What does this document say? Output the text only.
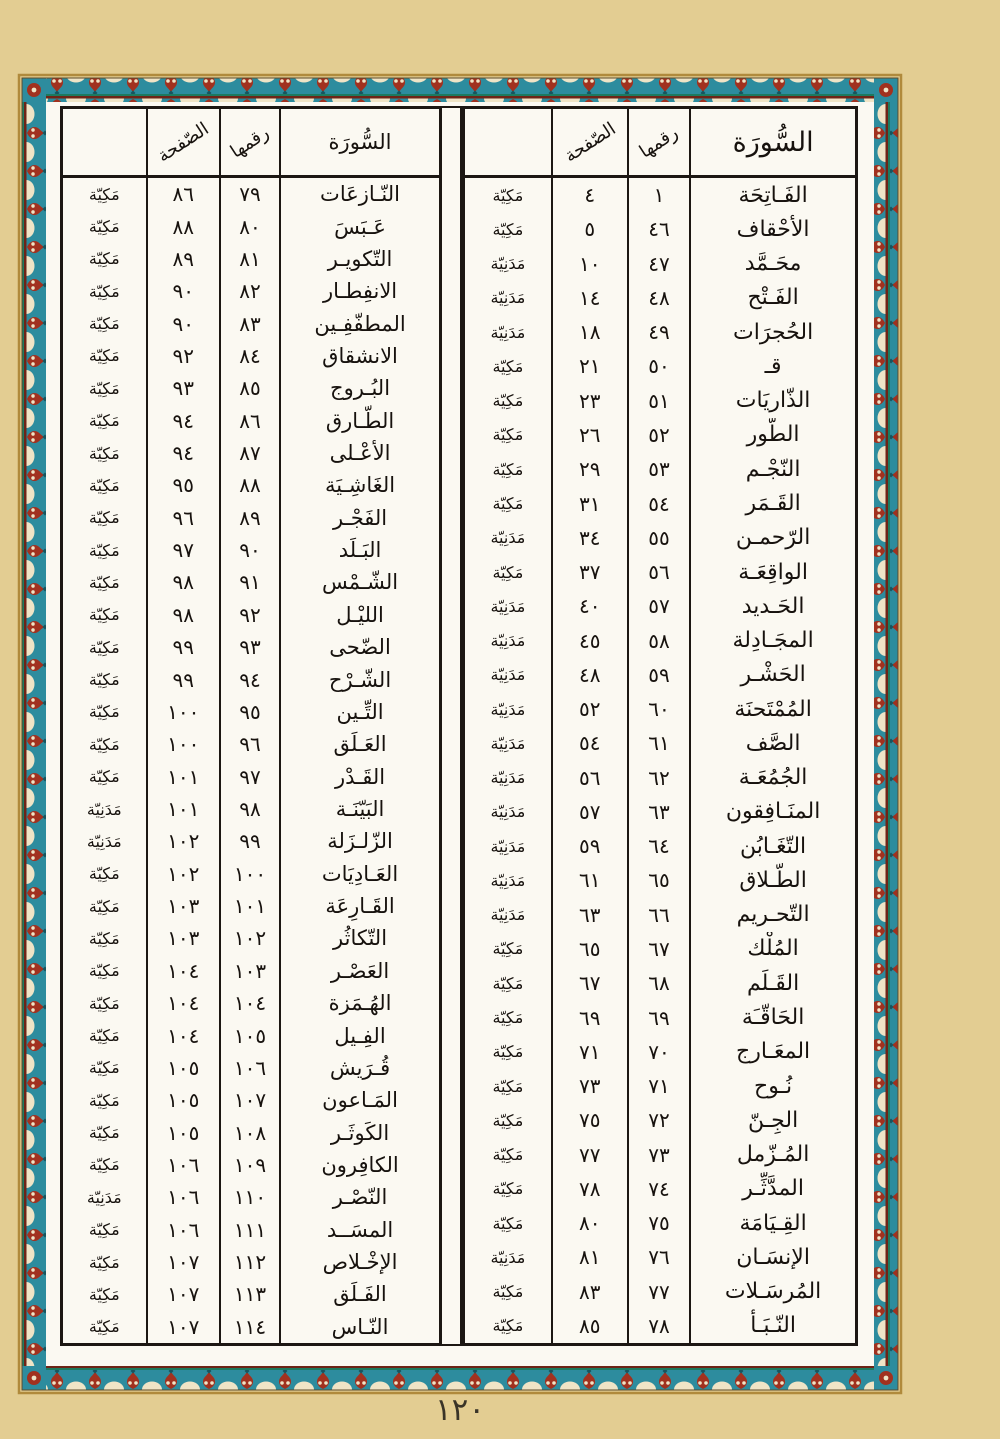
السُّورَة
رقمها
الصّفحة
النّـازعَات
٧٩
٨٦
مَكِيّة
عَـبَسَ
٨٠
٨٨
مَكِيّة
التّكويـر
٨١
٨٩
مَكِيّة
الانفِطـار
٨٢
٩٠
مَكِيّة
المطفّفِـين
٨٣
٩٠
مَكِيّة
الانشقاق
٨٤
٩٢
مَكِيّة
البُـروج
٨٥
٩٣
مَكِيّة
الطّـارق
٨٦
٩٤
مَكِيّة
الأعْـلى
٨٧
٩٤
مَكِيّة
الغَاشِـيَة
٨٨
٩٥
مَكِيّة
الفَجْـر
٨٩
٩٦
مَكِيّة
البَـلَد
٩٠
٩٧
مَكِيّة
الشّـمْس
٩١
٩٨
مَكِيّة
الليْـل
٩٢
٩٨
مَكِيّة
الضّحى
٩٣
٩٩
مَكِيّة
الشّـرْح
٩٤
٩٩
مَكِيّة
التِّـين
٩٥
١٠٠
مَكِيّة
العَـلَق
٩٦
١٠٠
مَكِيّة
القَـدْر
٩٧
١٠١
مَكِيّة
البَيّنَـة
٩٨
١٠١
مَدَنِيّة
الزّلـزَلة
٩٩
١٠٢
مَدَنِيّة
العَـادِيَات
١٠٠
١٠٢
مَكِيّة
القَـارِعَة
١٠١
١٠٣
مَكِيّة
التّكاثُر
١٠٢
١٠٣
مَكِيّة
العَصْـر
١٠٣
١٠٤
مَكِيّة
الهُـمَزة
١٠٤
١٠٤
مَكِيّة
الفِـيل
١٠٥
١٠٤
مَكِيّة
قُـرَيش
١٠٦
١٠٥
مَكِيّة
المَـاعون
١٠٧
١٠٥
مَكِيّة
الكَوثَـر
١٠٨
١٠٥
مَكِيّة
الكافِرون
١٠٩
١٠٦
مَكِيّة
النّصْـر
١١٠
١٠٦
مَدَنِيّة
المسَــد
١١١
١٠٦
مَكِيّة
الإخْـلاص
١١٢
١٠٧
مَكِيّة
الفَـلَق
١١٣
١٠٧
مَكِيّة
النّـاس
١١٤
١٠٧
مَكِيّة
السُّورَة
رقمها
الصّفحة
الفَـاتِحَة
١
٤
مَكِيّة
الأحْقاف
٤٦
٥
مَكِيّة
محَـمَّد
٤٧
١٠
مَدَنِيّة
الفَـتْح
٤٨
١٤
مَدَنِيّة
الحُجرَات
٤٩
١٨
مَدَنِيّة
قـ
٥٠
٢١
مَكِيّة
الذّاريَات
٥١
٢٣
مَكِيّة
الطُّور
٥٢
٢٦
مَكِيّة
النّجْـم
٥٣
٢٩
مَكِيّة
القَـمَر
٥٤
٣١
مَكِيّة
الرّحمـن
٥٥
٣٤
مَدَنِيّة
الواقِعَـة
٥٦
٣٧
مَكِيّة
الحَـديد
٥٧
٤٠
مَدَنِيّة
المجَـادِلة
٥٨
٤٥
مَدَنِيّة
الحَشْـر
٥٩
٤٨
مَدَنِيّة
المُمْتَحنَة
٦٠
٥٢
مَدَنِيّة
الصَّف
٦١
٥٤
مَدَنِيّة
الجُمُعَـة
٦٢
٥٦
مَدَنِيّة
المنَـافِقون
٦٣
٥٧
مَدَنِيّة
التّغَـابُن
٦٤
٥٩
مَدَنِيّة
الطّـلاق
٦٥
٦١
مَدَنِيّة
التّحـريم
٦٦
٦٣
مَدَنِيّة
المُلْك
٦٧
٦٥
مَكِيّة
القَـلَم
٦٨
٦٧
مَكِيّة
الحَاقّـَة
٦٩
٦٩
مَكِيّة
المعَـارج
٧٠
٧١
مَكِيّة
نُـوح
٧١
٧٣
مَكِيّة
الجِـنّ
٧٢
٧٥
مَكِيّة
المُـزّمل
٧٣
٧٧
مَكِيّة
المدَّثِّـر
٧٤
٧٨
مَكِيّة
القِـيَامَة
٧٥
٨٠
مَكِيّة
الإنسَـان
٧٦
٨١
مَدَنِيّة
المُرسَـلات
٧٧
٨٣
مَكِيّة
النّـبَـأ
٧٨
٨٥
مَكِيّة
١٢٠
